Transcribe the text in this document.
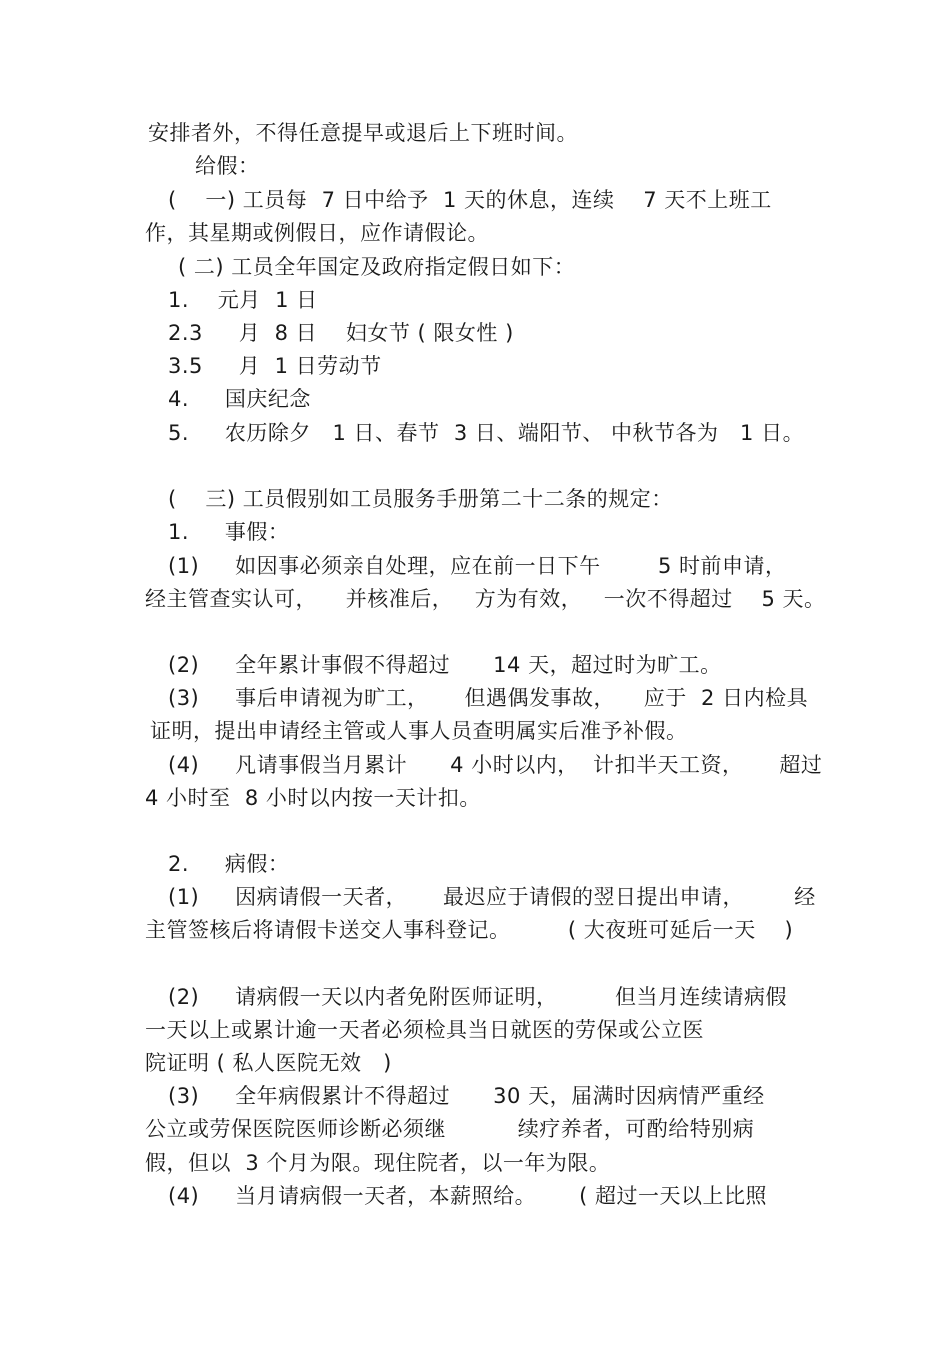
安排者外，不得任意提早或退后上下班时间。
给假：
(    一) 工员每  7 日中给予  1 天的休息，连续    7 天不上班工
作，其星期或例假日，应作请假论。
( 二) 工员全年国定及政府指定假日如下：
1.    元月  1 日
2.3     月  8 日    妇女节 ( 限女性 )
3.5     月  1 日劳动节
4.     国庆纪念
5.     农历除夕   1 日、春节  3 日、端阳节、 中秋节各为   1 日。
(    三) 工员假别如工员服务手册第二十二条的规定：
1.     事假：
(1)     如因事必须亲自处理，应在前一日下午        5 时前申请，
经主管查实认可，    并核准后，   方为有效，   一次不得超过    5 天。
(2)     全年累计事假不得超过      14 天，超过时为旷工。
(3)     事后申请视为旷工，     但遇偶发事故，    应于  2 日内检具
证明，提出申请经主管或人事人员查明属实后准予补假。
(4)     凡请事假当月累计      4 小时以内，  计扣半天工资，     超过
4 小时至  8 小时以内按一天计扣。
2.     病假：
(1)     因病请假一天者，     最迟应于请假的翌日提出申请，       经
主管签核后将请假卡送交人事科登记。        ( 大夜班可延后一天    )
(2)     请病假一天以内者免附医师证明，        但当月连续请病假
一天以上或累计逾一天者必须检具当日就医的劳保或公立医
院证明 ( 私人医院无效   )
(3)     全年病假累计不得超过      30 天，届满时因病情严重经
公立或劳保医院医师诊断必须继          续疗养者，可酌给特别病
假，但以  3 个月为限。现住院者，以一年为限。
(4)     当月请病假一天者，本薪照给。      ( 超过一天以上比照
